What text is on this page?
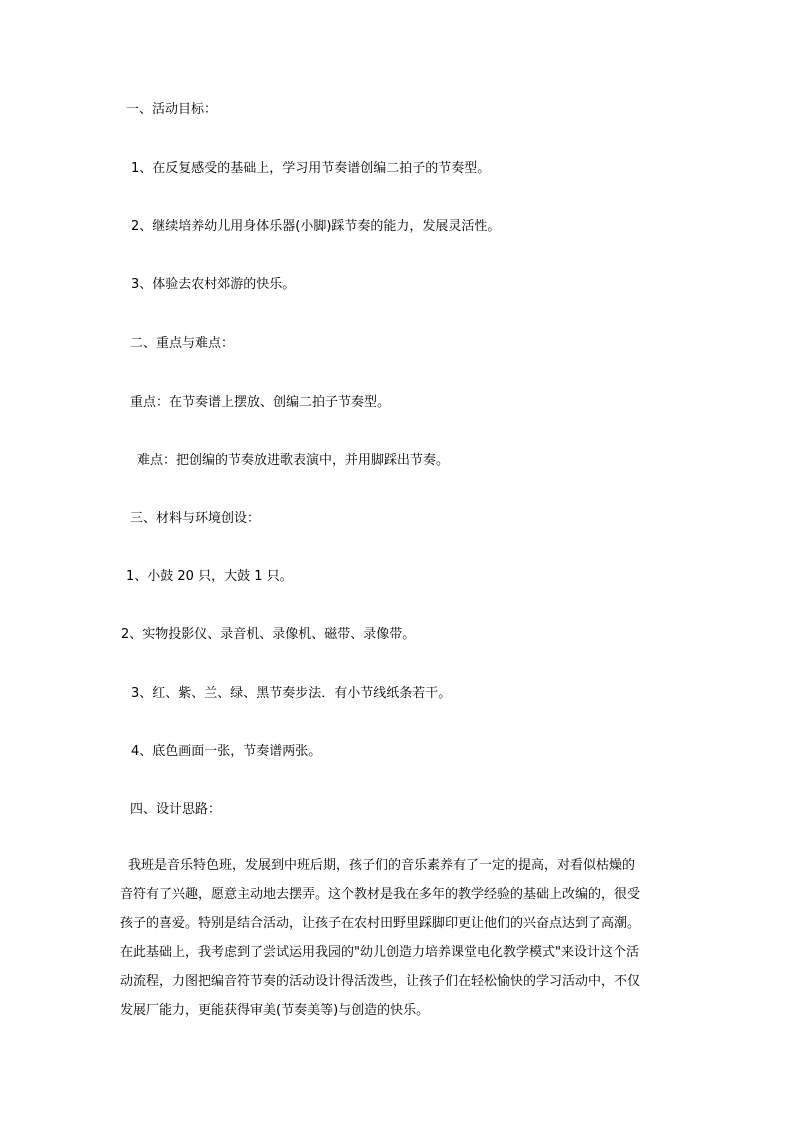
一、活动目标：
1、在反复感受的基础上，学习用节奏谱创编二拍子的节奏型。
2、继续培养幼儿用身体乐器(小脚)踩节奏的能力，发展灵活性。
3、体验去农村郊游的快乐。
二、重点与难点：
重点：在节奏谱上摆放、创编二拍子节奏型。
难点：把创编的节奏放进歌表演中，并用脚踩出节奏。
三、材料与环境创设：
1、小鼓 20 只，大鼓 1 只。
2、实物投影仪、录音机、录像机、磁带、录像带。
3、红、紫、兰、绿、黑节奏步法．有小节线纸条若干。
4、底色画面一张，节奏谱两张。
四、设计思路：

我班是音乐特色班，发展到中班后期，孩子们的音乐素养有了一定的提高，对看似枯燥的
音符有了兴趣，愿意主动地去摆弄。这个教材是我在多年的教学经验的基础上改编的，很受
孩子的喜爱。特别是结合活动，让孩子在农村田野里踩脚印更让他们的兴奋点达到了高潮。
在此基础上，我考虑到了尝试运用我园的"幼儿创造力培养课堂电化教学模式"来设计这个活
动流程，力图把编音符节奏的活动设计得活泼些，让孩子们在轻松愉快的学习活动中，不仅
发展厂能力，更能获得审美(节奏美等)与创造的快乐。
